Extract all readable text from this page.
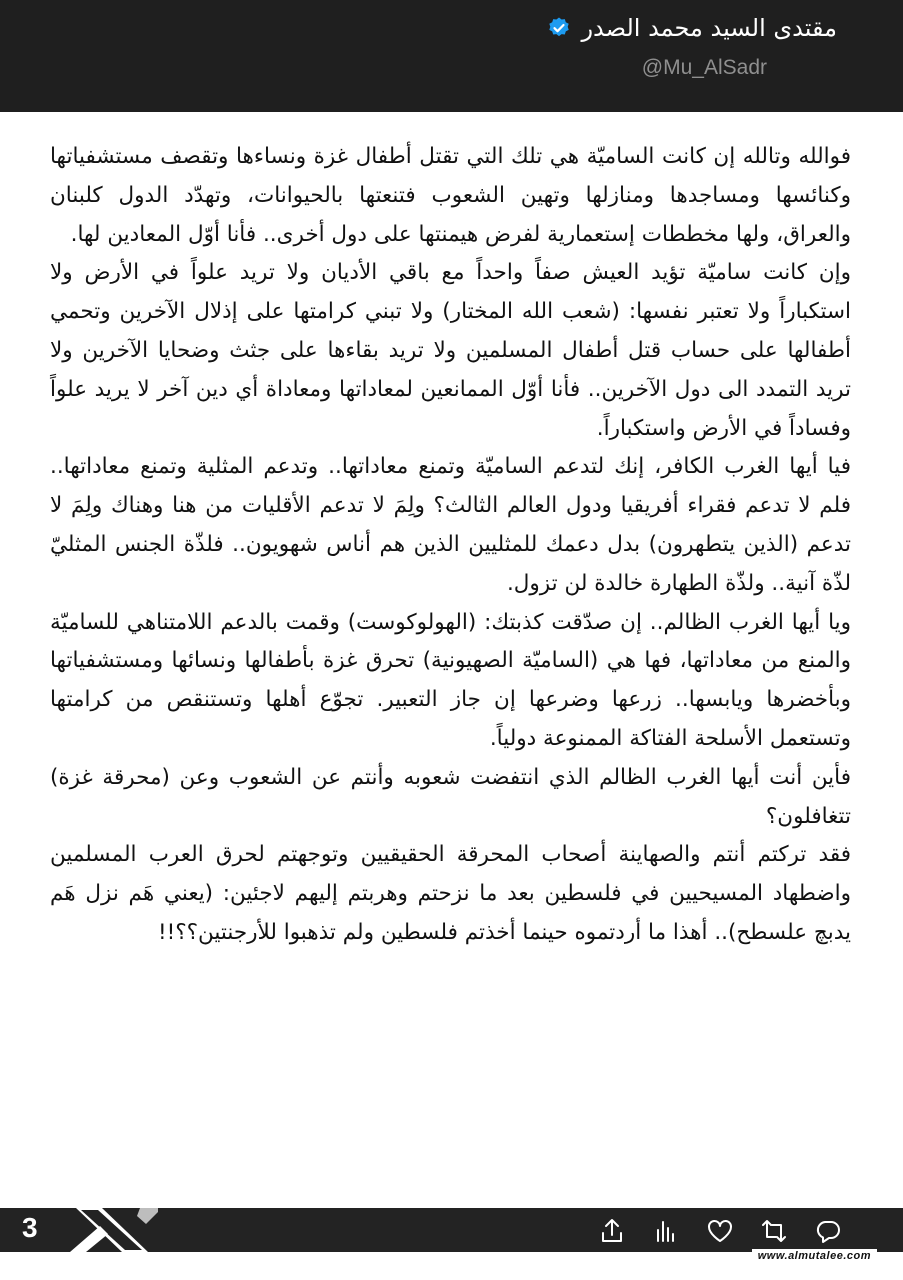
مقتدى السيد محمد الصدر
@Mu_AlSadr

فوالله وتالله إن كانت الساميّة هي تلك التي تقتل أطفال غزة ونساءها وتقصف مستشفياتها وكنائسها ومساجدها ومنازلها وتهين الشعوب فتنعتها بالحيوانات، وتهدّد الدول كلبنان والعراق، ولها مخططات إستعمارية لفرض هيمنتها على دول أخرى.. فأنا أوّل المعادين لها.

وإن كانت ساميّة تؤيد العيش صفاً واحداً مع باقي الأديان ولا تريد علواً في الأرض ولا استكباراً ولا تعتبر نفسها: (شعب الله المختار) ولا تبني كرامتها على إذلال الآخرين وتحمي أطفالها على حساب قتل أطفال المسلمين ولا تريد بقاءها على جثث وضحايا الآخرين ولا تريد التمدد الى دول الآخرين.. فأنا أوّل الممانعين لمعاداتها ومعاداة أي دين آخر لا يريد علواً وفساداً في الأرض واستكباراً.

فيا أيها الغرب الكافر، إنك لتدعم الساميّة وتمنع معاداتها.. وتدعم المثلية وتمنع معاداتها.. فلم لا تدعم فقراء أفريقيا ودول العالم الثالث؟ ولِمَ لا تدعم الأقليات من هنا وهناك ولِمَ لا تدعم (الذين يتطهرون) بدل دعمك للمثليين الذين هم أناس شهويون.. فلذّة الجنس المثليّ لذّة آنية.. ولذّة الطهارة خالدة لن تزول.

ويا أيها الغرب الظالم.. إن صدّقت كذبتك: (الهولوكوست) وقمت بالدعم اللامتناهي للساميّة والمنع من معاداتها، فها هي (الساميّة الصهيونية) تحرق غزة بأطفالها ونسائها ومستشفياتها وبأخضرها ويابسها.. زرعها وضرعها إن جاز التعبير. تجوّع أهلها وتستنقص من كرامتها وتستعمل الأسلحة الفتاكة الممنوعة دولياً.

فأين أنت أيها الغرب الظالم الذي انتفضت شعوبه وأنتم عن الشعوب وعن (محرقة غزة) تتغافلون؟

فقد تركتم أنتم والصهاينة أصحاب المحرقة الحقيقيين وتوجهتم لحرق العرب المسلمين واضطهاد المسيحيين في فلسطين بعد ما نزحتم وهربتم إليهم لاجئين: (يعني هَم نزل هَم يدبچ علسطح).. أهذا ما أردتموه حينما أخذتم فلسطين ولم تذهبوا للأرجنتين؟؟!!

3
www.almutalee.com
